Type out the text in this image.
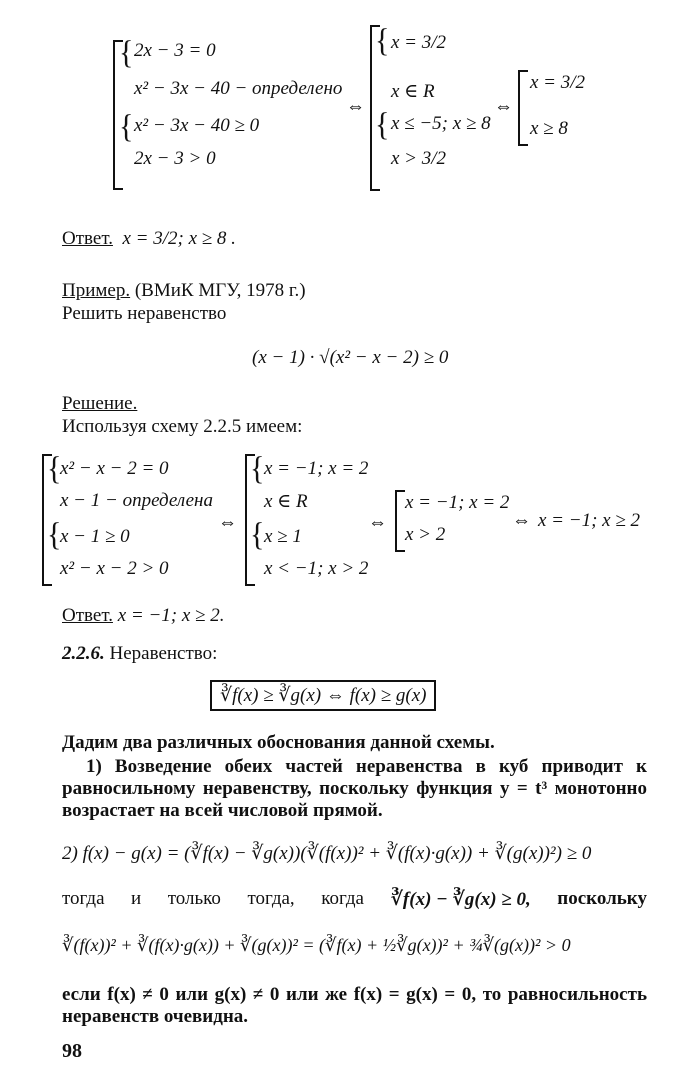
{
{
2x − 3 = 0
x² − 3x − 40 − определено
x² − 3x − 40 ≥ 0
2x − 3 > 0
⇔
{
{
x = 3/2
x ∈ R
x ≤ −5; x ≥ 8
x > 3/2
⇔
x = 3/2
x ≥ 8
Ответ. x = 3/2; x ≥ 8 .
Пример. (ВМиК МГУ, 1978 г.)
Решить неравенство
(x − 1) · √(x² − x − 2) ≥ 0
Решение.
Используя схему 2.2.5 имеем:
{
{
x² − x − 2 = 0
x − 1 − определена
x − 1 ≥ 0
x² − x − 2 > 0
⇔
{
{
x = −1; x = 2
x ∈ R
x ≥ 1
x < −1; x > 2
⇔
x = −1; x = 2
x > 2
⇔ x = −1; x ≥ 2
Ответ. x = −1; x ≥ 2.
2.2.6. Неравенство:
∛f(x) ≥ ∛g(x) ⇔ f(x) ≥ g(x)
Дадим два различных обоснования данной схемы.
1) Возведение обеих частей неравенства в куб приводит к равносильному неравенству, поскольку функция y = t³ монотонно возрастает на всей числовой прямой.
2) f(x) − g(x) = (∛f(x) − ∛g(x))(∛(f(x))² + ∛(f(x)·g(x)) + ∛(g(x))²) ≥ 0
тогда и только тогда, когда ∛f(x) − ∛g(x) ≥ 0, поскольку
∛(f(x))² + ∛(f(x)·g(x)) + ∛(g(x))² = (∛f(x) + ½∛g(x))² + ¾∛(g(x))² > 0
если f(x) ≠ 0 или g(x) ≠ 0 или же f(x) = g(x) = 0, то равносильность неравенств очевидна.
98
